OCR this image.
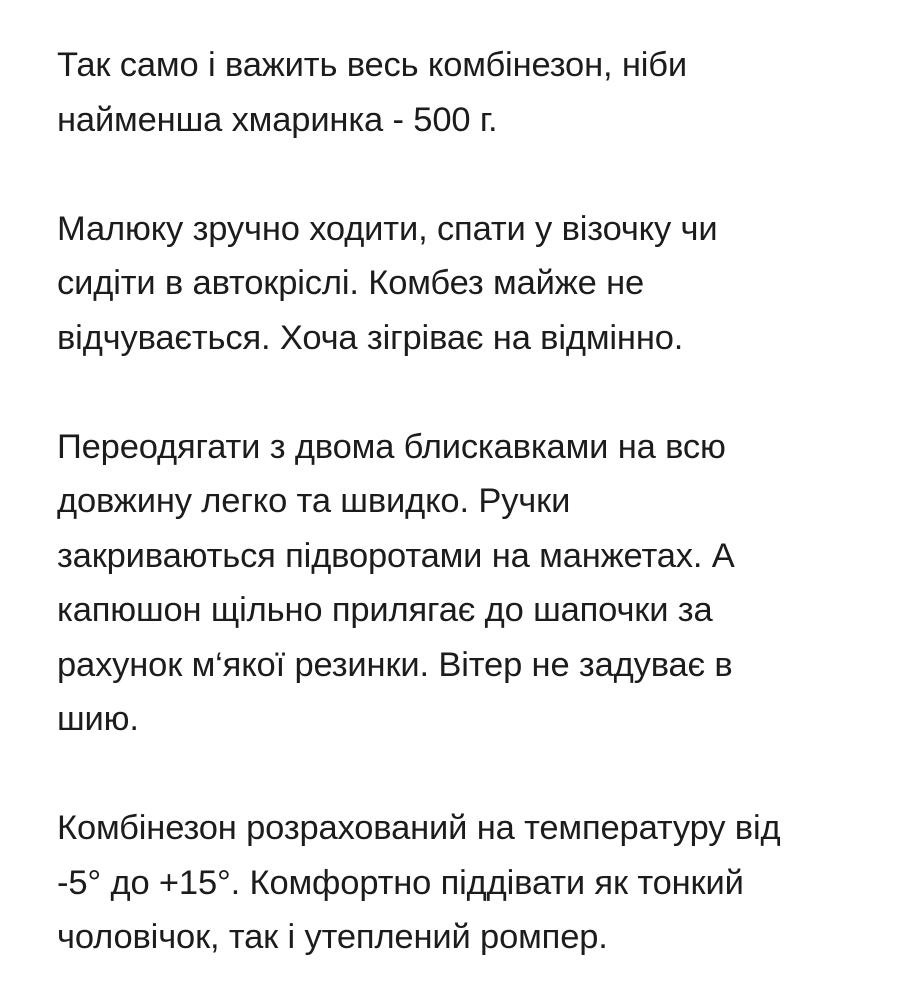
Так само і важить весь комбінезон, ніби
найменша хмаринка - 500 г.

Малюку зручно ходити, спати у візочку чи
сидіти в автокріслі. Комбез майже не
відчувається. Хоча зігріває на відмінно.

Переодягати з двома блискавками на всю
довжину легко та швидко. Ручки
закриваються підворотами на манжетах. А
капюшон щільно прилягає до шапочки за
рахунок м‘якої резинки. Вітер не задуває в
шию.

Комбінезон розрахований на температуру від
-5° до +15°. Комфортно піддівати як тонкий
чоловічок, так і утеплений ромпер.
